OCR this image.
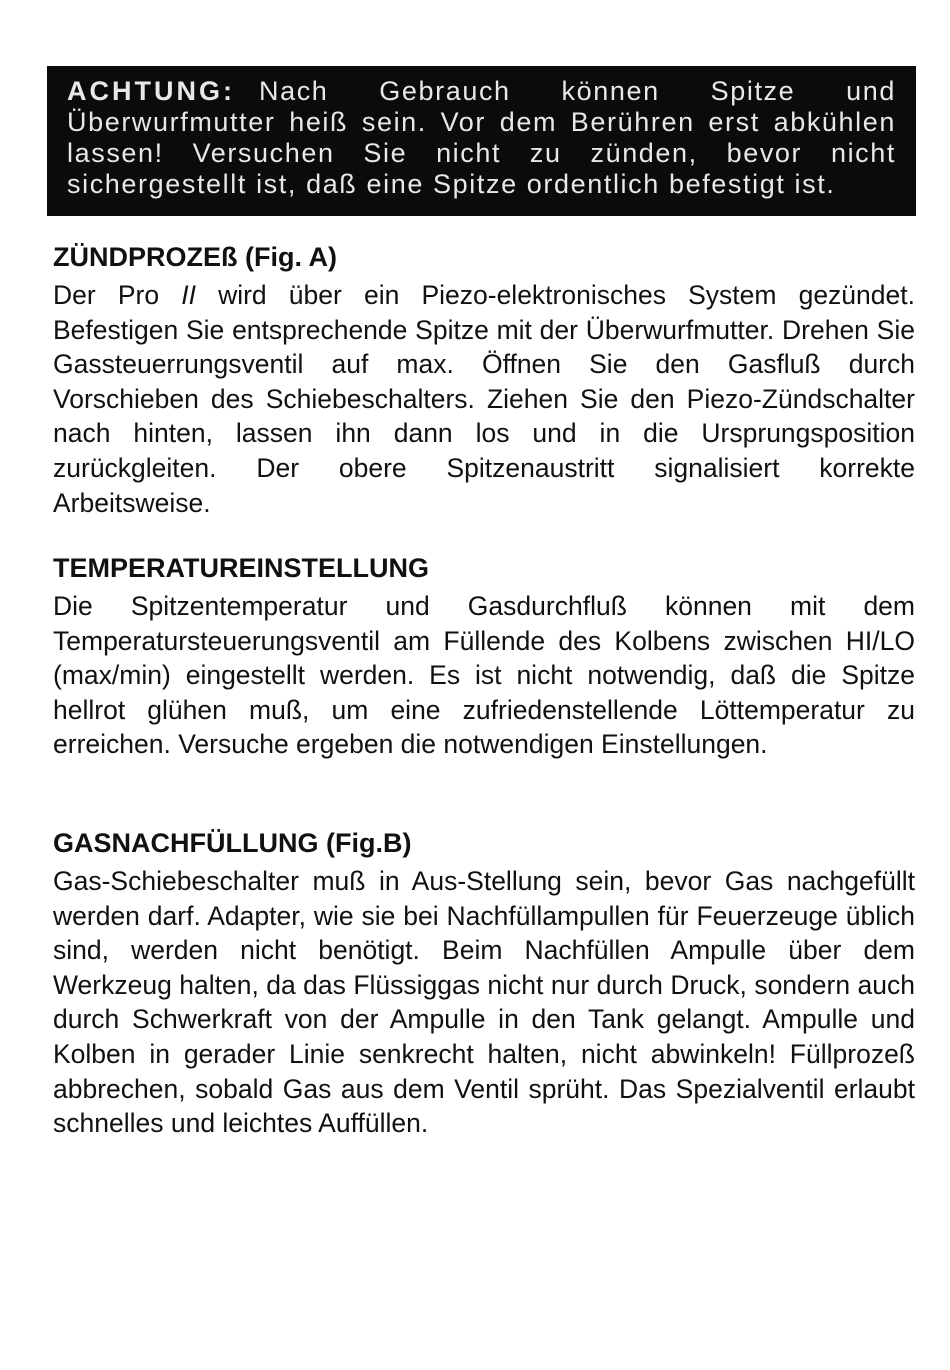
ACHTUNG: Nach Gebrauch können Spitze und Überwurfmutter heiß sein. Vor dem Berühren erst abkühlen lassen! Versuchen Sie nicht zu zünden, bevor nicht sichergestellt ist, daß eine Spitze ordentlich befestigt ist.

ZÜNDPROZEß (Fig. A)

Der Pro II wird über ein Piezo-elektronisches System gezündet. Befestigen Sie entsprechende Spitze mit der Überwurfmutter. Drehen Sie Gassteuerrungsventil auf max. Öffnen Sie den Gasfluß durch Vorschieben des Schiebeschalters. Ziehen Sie den Piezo-Zündschalter nach hinten, lassen ihn dann los und in die Ursprungsposition zurückgleiten. Der obere Spitzenaustritt signalisiert korrekte Arbeitsweise.

TEMPERATUREINSTELLUNG

Die Spitzentemperatur und Gasdurchfluß können mit dem Temperatursteuerungsventil am Füllende des Kolbens zwischen HI/LO (max/min) eingestellt werden. Es ist nicht notwendig, daß die Spitze hellrot glühen muß, um eine zufriedenstellende Löttemperatur zu erreichen. Versuche ergeben die notwendigen Einstellungen.

GASNACHFÜLLUNG (Fig.B)

Gas-Schiebeschalter muß in Aus-Stellung sein, bevor Gas nachgefüllt werden darf. Adapter, wie sie bei Nachfüllampullen für Feuerzeuge üblich sind, werden nicht benötigt. Beim Nachfüllen Ampulle über dem Werkzeug halten, da das Flüssiggas nicht nur durch Druck, sondern auch durch Schwerkraft von der Ampulle in den Tank gelangt. Ampulle und Kolben in gerader Linie senkrecht halten, nicht abwinkeln! Füllprozeß abbrechen, sobald Gas aus dem Ventil sprüht. Das Spezialventil erlaubt schnelles und leichtes Auffüllen.
